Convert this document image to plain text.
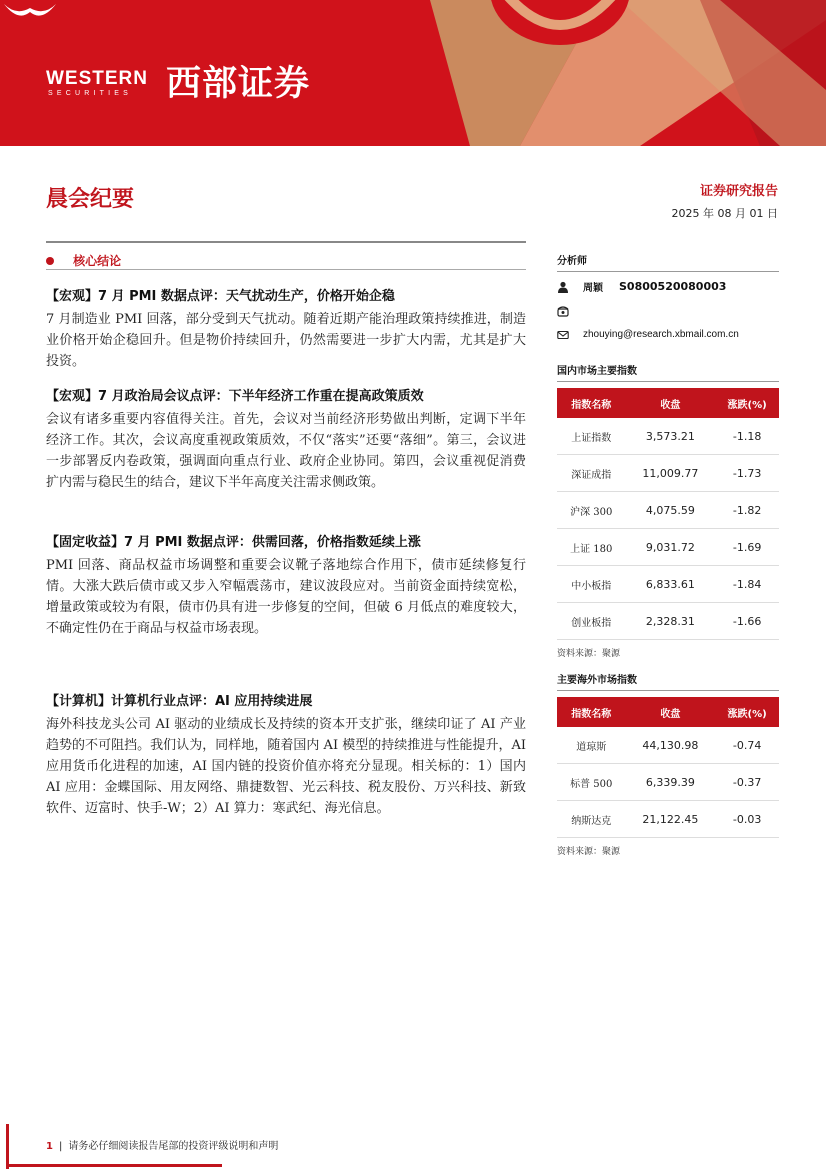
WESTERN
SECURITIES 西部证券
晨会纪要	证券研究报告
2025 年 08 月 01 日
核心结论
【宏观】7 月 PMI 数据点评：天气扰动生产，价格开始企稳

7 月制造业 PMI 回落，部分受到天气扰动。随着近期产能治理政策持续推进，制造业价格开始企稳回升。但是物价持续回升，仍然需要进一步扩大内需，尤其是扩大投资。

【宏观】7 月政治局会议点评：下半年经济工作重在提高政策质效

会议有诸多重要内容值得关注。首先，会议对当前经济形势做出判断，定调下半年经济工作。其次，会议高度重视政策质效，不仅“落实”还要“落细”。第三，会议进一步部署反内卷政策，强调面向重点行业、政府企业协同。第四，会议重视促消费扩内需与稳民生的结合，建议下半年高度关注需求侧政策。

【固定收益】7 月 PMI 数据点评：供需回落，价格指数延续上涨

PMI 回落、商品权益市场调整和重要会议靴子落地综合作用下，债市延续修复行情。大涨大跌后债市或又步入窄幅震荡市，建议波段应对。当前资金面持续宽松，增量政策或较为有限，债市仍具有进一步修复的空间，但破 6 月低点的难度较大，不确定性仍在于商品与权益市场表现。

【计算机】计算机行业点评：AI 应用持续进展

海外科技龙头公司 AI 驱动的业绩成长及持续的资本开支扩张，继续印证了 AI 产业趋势的不可阻挡。我们认为，同样地，随着国内 AI 模型的持续推进与性能提升，AI 应用货币化进程的加速，AI 国内链的投资价值亦将充分显现。相关标的：1）国内 AI 应用：金蝶国际、用友网络、鼎捷数智、光云科技、税友股份、万兴科技、新致软件、迈富时、快手-W；2）AI 算力：寒武纪、海光信息。

分析师
周颖 S0800520080003
zhouying@research.xbmail.com.cn
国内市场主要指数
指数名称	收盘	涨跌(%)
上证指数	3,573.21	-1.18
深证成指	11,009.77	-1.73
沪深 300	4,075.59	-1.82
上证 180	9,031.72	-1.69
中小板指	6,833.61	-1.84
创业板指	2,328.31	-1.66
资料来源：聚源
主要海外市场指数
指数名称	收盘	涨跌(%)
道琼斯	44,130.98	-0.74
标普 500	6,339.39	-0.37
纳斯达克	21,122.45	-0.03
资料来源：聚源
1 | 请务必仔细阅读报告尾部的投资评级说明和声明
